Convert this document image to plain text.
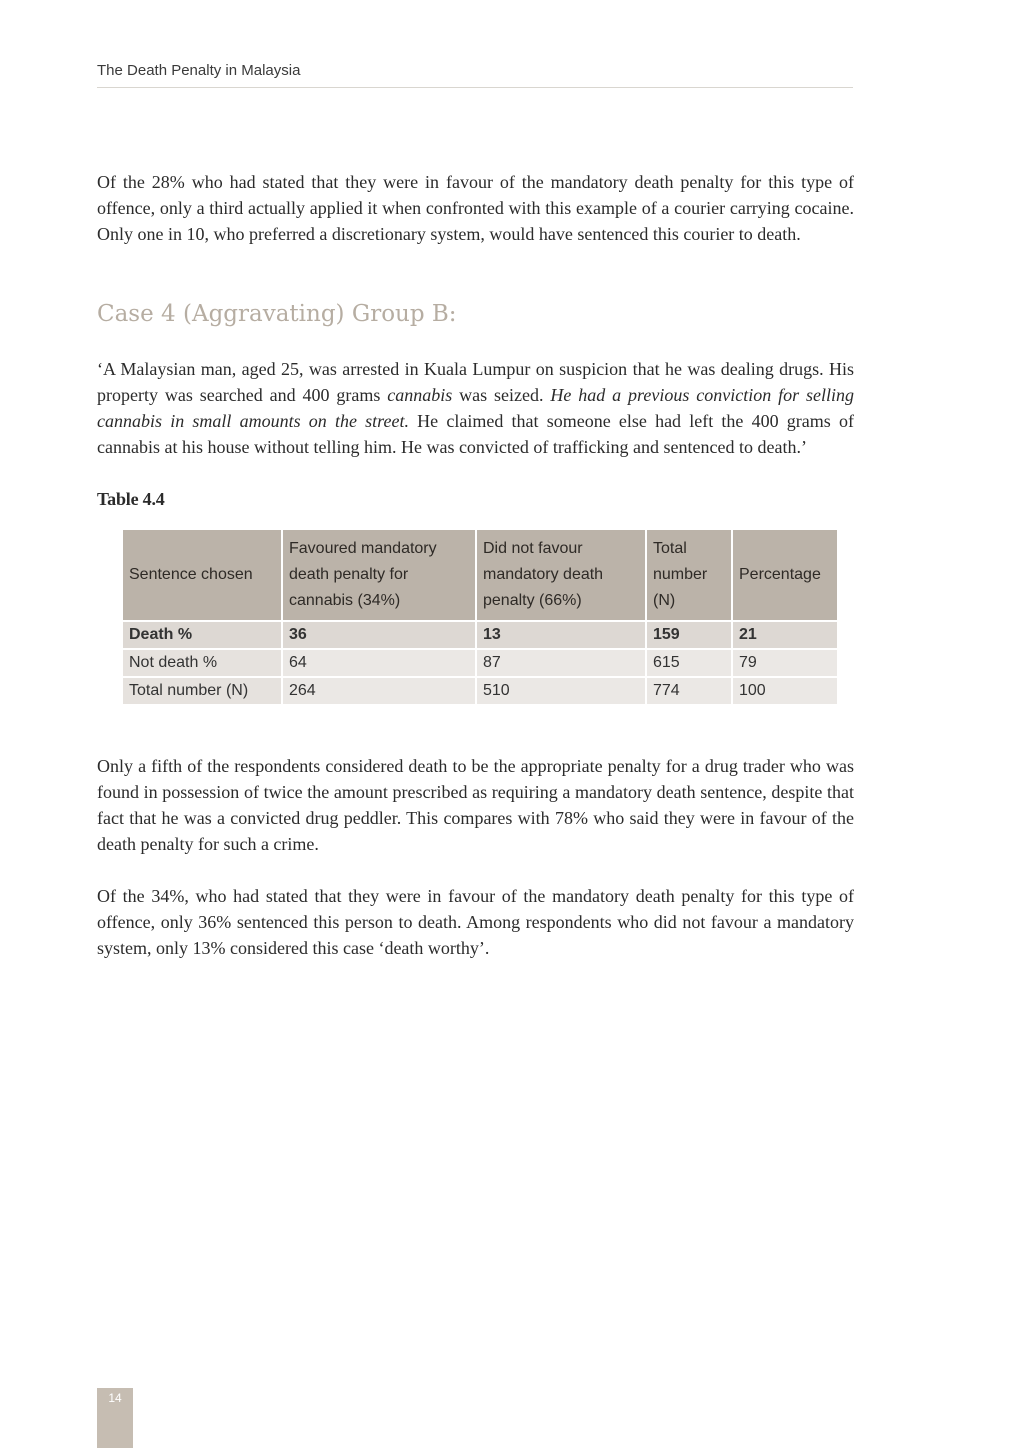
The Death Penalty in Malaysia

Of the 28% who had stated that they were in favour of the mandatory death penalty for this type of offence, only a third actually applied it when confronted with this example of a courier carrying cocaine. Only one in 10, who preferred a discretionary system, would have sentenced this courier to death.

Case 4 (Aggravating) Group B:

‘A Malaysian man, aged 25, was arrested in Kuala Lumpur on suspicion that he was dealing drugs. His property was searched and 400 grams cannabis was seized. He had a previous conviction for selling cannabis in small amounts on the street. He claimed that someone else had left the 400 grams of cannabis at his house without telling him. He was convicted of trafficking and sentenced to death.’

Table 4.4
Sentence chosen	Favoured mandatory death penalty for cannabis (34%)	Did not favour mandatory death penalty (66%)	Total number (N)	Percentage
Death %	36	13	159	21
Not death %	64	87	615	79
Total number (N)	264	510	774	100

Only a fifth of the respondents considered death to be the appropriate penalty for a drug trader who was found in possession of twice the amount prescribed as requiring a mandatory death sentence, despite that fact that he was a convicted drug peddler. This compares with 78% who said they were in favour of the death penalty for such a crime.

Of the 34%, who had stated that they were in favour of the mandatory death penalty for this type of offence, only 36% sentenced this person to death. Among respondents who did not favour a mandatory system, only 13% considered this case ‘death worthy’.

14
